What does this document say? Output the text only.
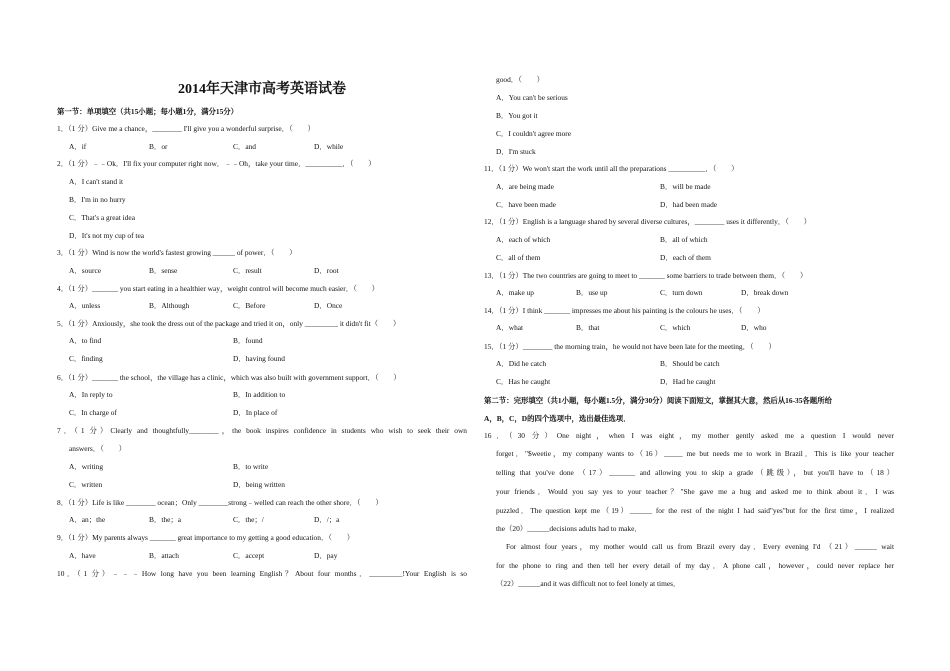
2014年天津市高考英语试卷
第一节：单项填空（共15小题；每小题1分，满分15分）
1．（1 分）Give me a chance，________ I'll give you a wonderful surprise．（　　）
A．if	B．or	C．and	D．while
2．（1 分）﹣﹣Ok．I'll fix your computer right now．﹣﹣Oh，take your time．__________．（　　）
A．I can't stand it
B．I'm in no hurry
C．That's a great idea
D．It's not my cup of tea
3．（1 分）Wind is now the world's fastest growing ______ of power．（　　）
A．source	B．sense	C．result	D．root
4．（1 分）_______ you start eating in a healthier way，weight control will become much easier．（　　）
A．unless	B．Although	C．Before	D．Once
5．（1 分）Anxiously，she took the dress out of the package and tried it on，only _________ it didn't fit（　　）
A．to find	B．found
C．finding	D．having found
6．（1 分）_______ the school，the village has a clinic，which was also built with government support．（　　）
A．In reply to	B．In addition to
C．In charge of	D．In place of
7．（1 分）Clearly and thoughtfully________，the book inspires confidence in students who wish to seek their own
answers．（　　）
A．writing	B．to write
C．written	D．being written
8．（1 分）Life is like ________ ocean；Only ________strong﹣welled can reach the other shore．（　　）
A．an；the	B．the；a	C．the；/	D．/；a
9．（1 分）My parents always _______ great importance to my getting a good education．（　　）
A．have	B．attach	C．accept	D．pay
10．（1 分）﹣﹣﹣How long have you been learning English？About four months．_________!Your English is so
good．（　　）
A．You can't be serious
B．You got it
C．I couldn't agree more
D．I'm stuck
11．（1 分）We won't start the work until all the preparations __________．（　　）
A．are being made	B．will be made
C．have been made	D．had been made
12．（1 分）English is a language shared by several diverse cultures，________ uses it differently．（　　）
A．each of which	B．all of which
C．all of them	D．each of them
13．（1 分）The two countries are going to meet to _______ some barriers to trade between them．（　　）
A．make up	B．use up	C．turn down	D．break down
14．（1 分）I think _______ impresses me about his painting is the colours he uses．（　　）
A．what	B．that	C．which	D．who
15．（1 分）________ the morning train，he would not have been late for the meeting．（　　）
A．Did he catch	B．Should be catch
C．Has he caught	D．Had he caught
第二节：完形填空（共1小题，每小题1.5分，满分30分）阅读下面短文，掌握其大意，然后从16-35各题所给
A，B，C，D的四个选项中，选出最佳选项．
16．（30 分）One night，when I was eight，my mother gently asked me a question I would never
forget．"$weetie，my company wants to（16）_____ me but needs me to work in Brazil．This is like your teacher
telling that you've done （17）_______ and allowing you to skip a grade（跳级），but you'll have to（18）
your friends．Would you say yes to your teacher？"She gave me a hug and asked me to think about it．I was
puzzled．The question kept me（19）______ for the rest of the night I had said"yes"but for the first time，I realized
the（20）______decisions adults had to make．
For almost four years，my mother would call us from Brazil every day．Every evening I'd （21）______ wait
for the phone to ring and then tell her every detail of my day．A phone call，however，could never replace her
（22）______and it was difficult not to feel lonely at times．
